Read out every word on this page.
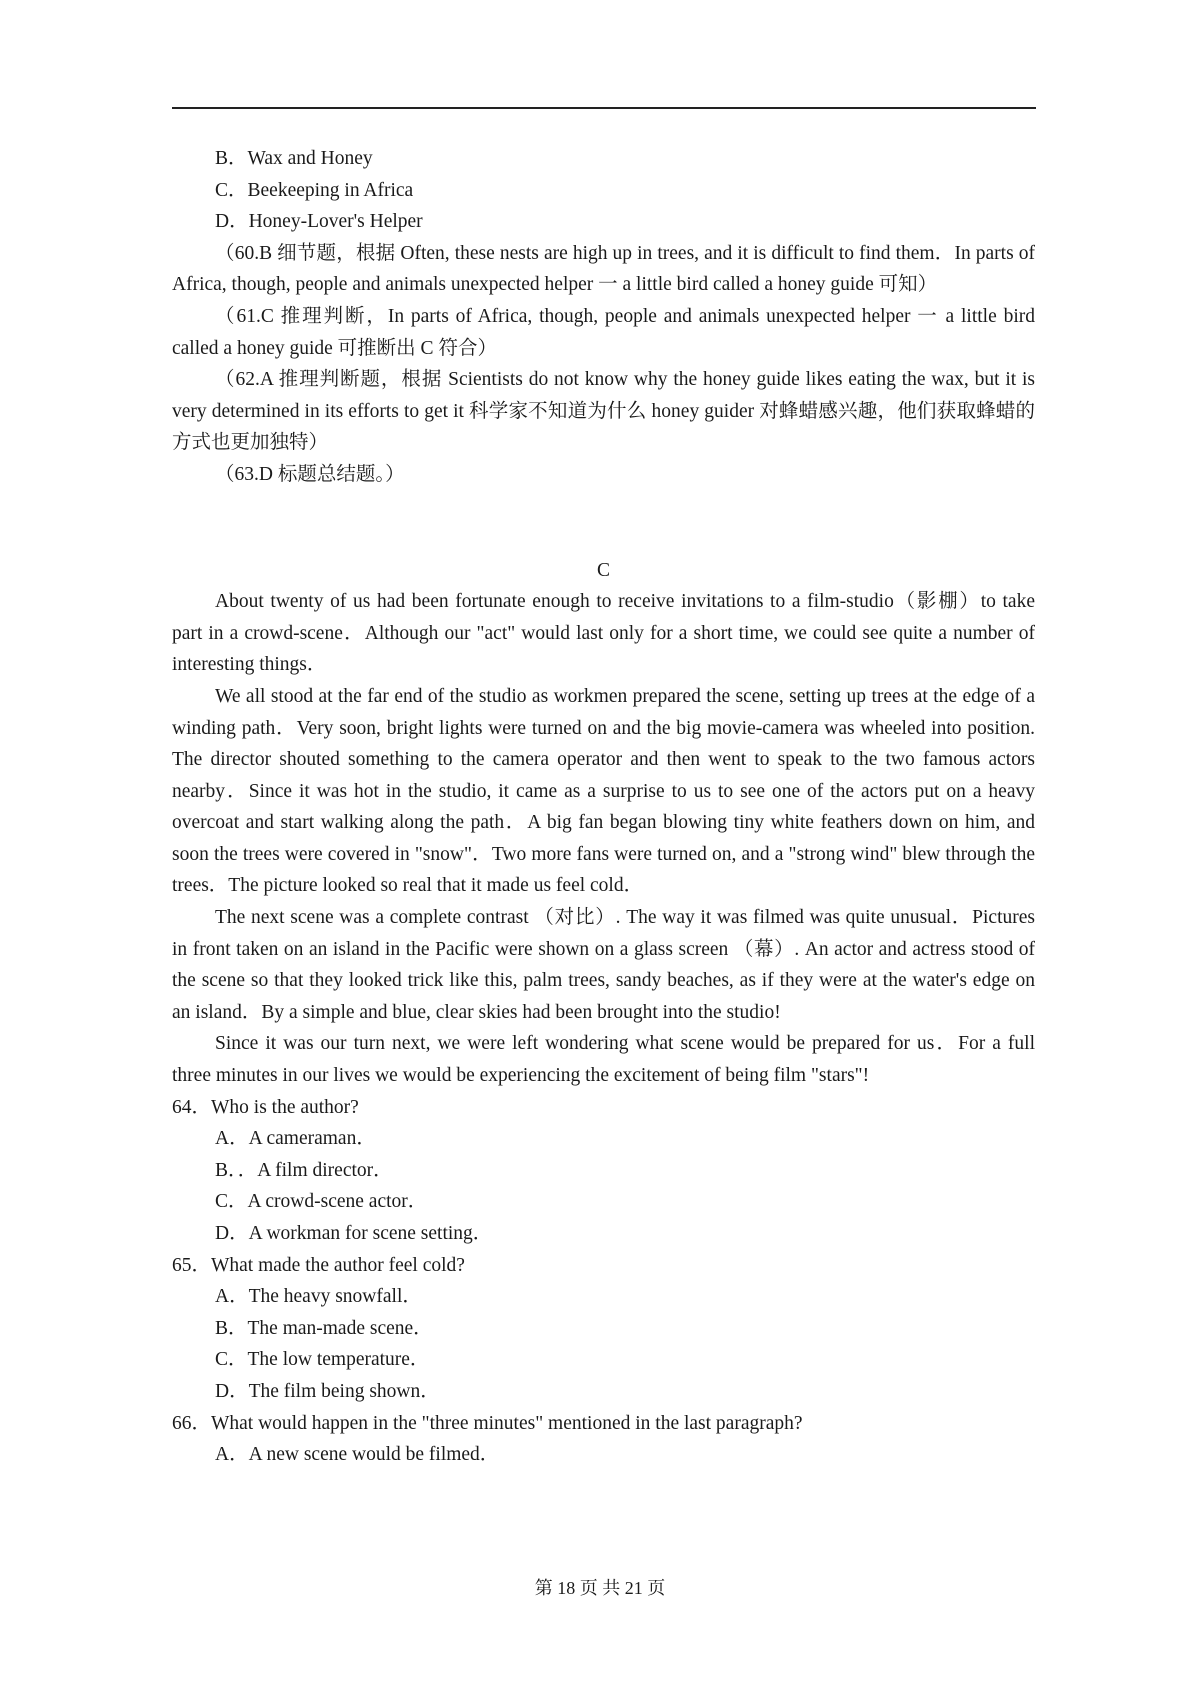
B．Wax and Honey
C．Beekeeping in Africa
D．Honey-Lover's Helper

（60.B 细节题，根据 Often, these nests are high up in trees, and it is difficult to find them．In parts of Africa, though, people and animals unexpected helper 一 a little bird called a honey guide 可知）

（61.C 推理判断，In parts of Africa, though, people and animals unexpected helper 一 a little bird called a honey guide 可推断出 C 符合）

（62.A 推理判断题，根据 Scientists do not know why the honey guide likes eating the wax, but it is very determined in its efforts to get it 科学家不知道为什么 honey guider 对蜂蜡感兴趣，他们获取蜂蜡的方式也更加独特）

（63.D 标题总结题。）

C

About twenty of us had been fortunate enough to receive invitations to a film-studio（影棚）to take part in a crowd-scene．Although our "act" would last only for a short time, we could see quite a number of interesting things．

We all stood at the far end of the studio as workmen prepared the scene, setting up trees at the edge of a winding path．Very soon, bright lights were turned on and the big movie-camera was wheeled into position. The director shouted something to the camera operator and then went to speak to the two famous actors nearby．Since it was hot in the studio, it came as a surprise to us to see one of the actors put on a heavy overcoat and start walking along the path．A big fan began blowing tiny white feathers down on him, and soon the trees were covered in "snow"．Two more fans were turned on, and a "strong wind" blew through the trees．The picture looked so real that it made us feel cold．

The next scene was a complete contrast （对比）. The way it was filmed was quite unusual．Pictures in front taken on an island in the Pacific were shown on a glass screen （幕）. An actor and actress stood of the scene so that they looked trick like this, palm trees, sandy beaches, as if they were at the water's edge on an island．By a simple and blue, clear skies had been brought into the studio!

Since it was our turn next, we were left wondering what scene would be prepared for us．For a full three minutes in our lives we would be experiencing the excitement of being film "stars"!

64．Who is the author?
A．A cameraman．
B．．A film director．
C．A crowd-scene actor．
D．A workman for scene setting．
65．What made the author feel cold?
A．The heavy snowfall．
B．The man-made scene．
C．The low temperature．
D．The film being shown．
66．What would happen in the "three minutes" mentioned in the last paragraph?
A．A new scene would be filmed．
第 18 页 共 21 页
